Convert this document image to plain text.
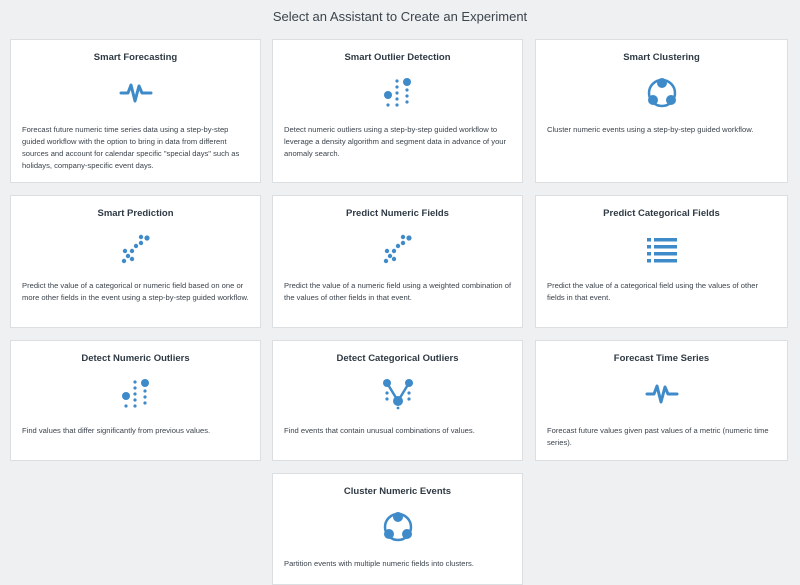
Select an Assistant to Create an Experiment
Smart Forecasting
Forecast future numeric time series data using a step-by-step guided workflow with the option to bring in data from different sources and account for calendar specific "special days" such as holidays, company-specific event days.
Smart Outlier Detection
Detect numeric outliers using a step-by-step guided workflow to leverage a density algorithm and segment data in advance of your anomaly search.
Smart Clustering
Cluster numeric events using a step-by-step guided workflow.
Smart Prediction
Predict the value of a categorical or numeric field based on one or more other fields in the event using a step-by-step guided workflow.
Predict Numeric Fields
Predict the value of a numeric field using a weighted combination of the values of other fields in that event.
Predict Categorical Fields
Predict the value of a categorical field using the values of other fields in that event.
Detect Numeric Outliers
Find values that differ significantly from previous values.
Detect Categorical Outliers
Find events that contain unusual combinations of values.
Forecast Time Series
Forecast future values given past values of a metric (numeric time series).
Cluster Numeric Events
Partition events with multiple numeric fields into clusters.
